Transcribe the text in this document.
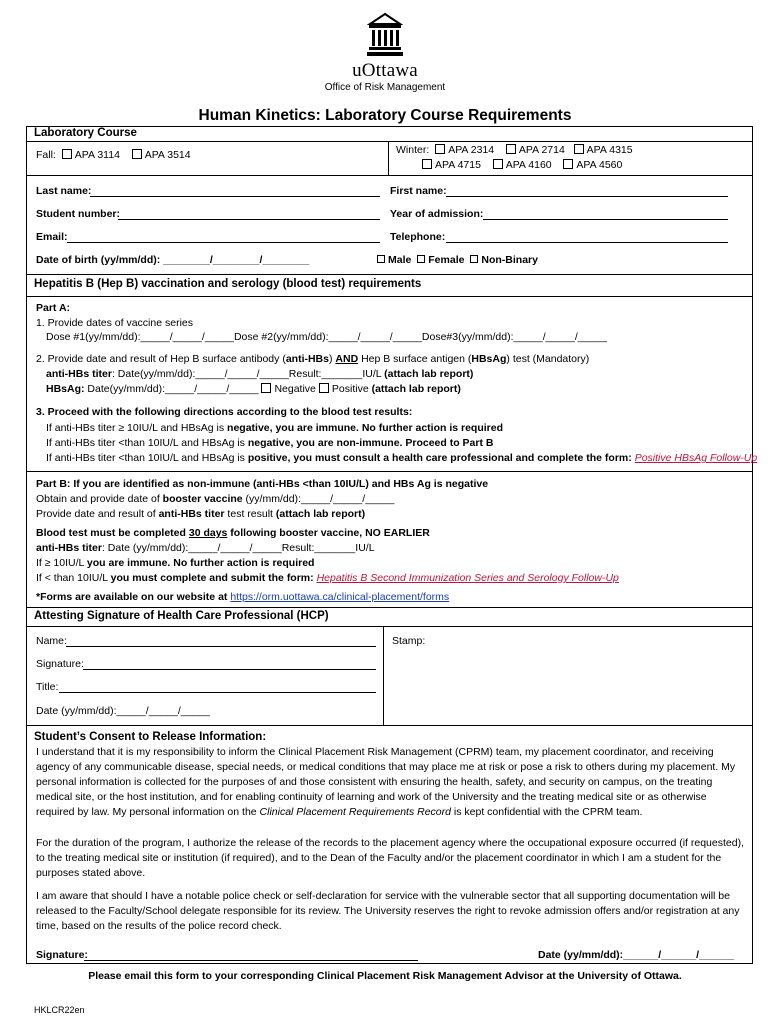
uOttawa
Office of Risk Management
Human Kinetics: Laboratory Course Requirements
Laboratory Course
Fall: APA 3114 APA 3514	Winter: APA 2314 APA 2714 APA 4315
APA 4715 APA 4160 APA 4560
Last name:	First name:
Student number:	Year of admission:
Email:	Telephone:
Date of birth (yy/mm/dd): ________/________/________	Male Female Non-Binary
Hepatitis B (Hep B) vaccination and serology (blood test) requirements
Part A:
1. Provide dates of vaccine series
Dose #1(yy/mm/dd):_____/_____/_____Dose #2(yy/mm/dd):_____/_____/_____Dose#3(yy/mm/dd):_____/_____/_____
2. Provide date and result of Hep B surface antibody (anti-HBs) AND Hep B surface antigen (HBsAg) test (Mandatory)
anti-HBs titer: Date(yy/mm/dd):_____/_____/_____Result:_______IU/L (attach lab report)
HBsAg: Date(yy/mm/dd):_____/_____/_____ Negative Positive (attach lab report)
3. Proceed with the following directions according to the blood test results:
If anti-HBs titer ≥ 10IU/L and HBsAg is negative, you are immune. No further action is required
If anti-HBs titer <than 10IU/L and HBsAg is negative, you are non-immune. Proceed to Part B
If anti-HBs titer <than 10IU/L and HBsAg is positive, you must consult a health care professional and complete the form: Positive HBsAg Follow-Up
Part B: If you are identified as non-immune (anti-HBs <than 10IU/L) and HBs Ag is negative
Obtain and provide date of booster vaccine (yy/mm/dd):_____/_____/_____
Provide date and result of anti-HBs titer test result (attach lab report)
Blood test must be completed 30 days following booster vaccine, NO EARLIER
anti-HBs titer: Date (yy/mm/dd):_____/_____/_____Result:_______IU/L
If ≥ 10IU/L you are immune. No further action is required
If < than 10IU/L you must complete and submit the form: Hepatitis B Second Immunization Series and Serology Follow-Up
*Forms are available on our website at https://orm.uottawa.ca/clinical-placement/forms
Attesting Signature of Health Care Professional (HCP)
Name:
Signature:
Title:
Date (yy/mm/dd):_____/_____/_____
Stamp:
Student’s Consent to Release Information:
I understand that it is my responsibility to inform the Clinical Placement Risk Management (CPRM) team, my placement coordinator, and receiving agency of any communicable disease, special needs, or medical conditions that may place me at risk or pose a risk to others during my placement. My personal information is collected for the purposes of and those consistent with ensuring the health, safety, and security on campus, on the treating medical site, or the host institution, and for enabling continuity of learning and work of the University and the treating medical site or as otherwise required by law. My personal information on the Clinical Placement Requirements Record is kept confidential with the CPRM team.
For the duration of the program, I authorize the release of the records to the placement agency where the occupational exposure occurred (if requested), to the treating medical site or institution (if required), and to the Dean of the Faculty and/or the placement coordinator in which I am a student for the purposes stated above.
I am aware that should I have a notable police check or self-declaration for service with the vulnerable sector that all supporting documentation will be released to the Faculty/School delegate responsible for its review. The University reserves the right to revoke admission offers and/or registration at any time, based on the results of the police record check.
Signature:	Date (yy/mm/dd):______/______/______
Please email this form to your corresponding Clinical Placement Risk Management Advisor at the University of Ottawa.
HKLCR22en
